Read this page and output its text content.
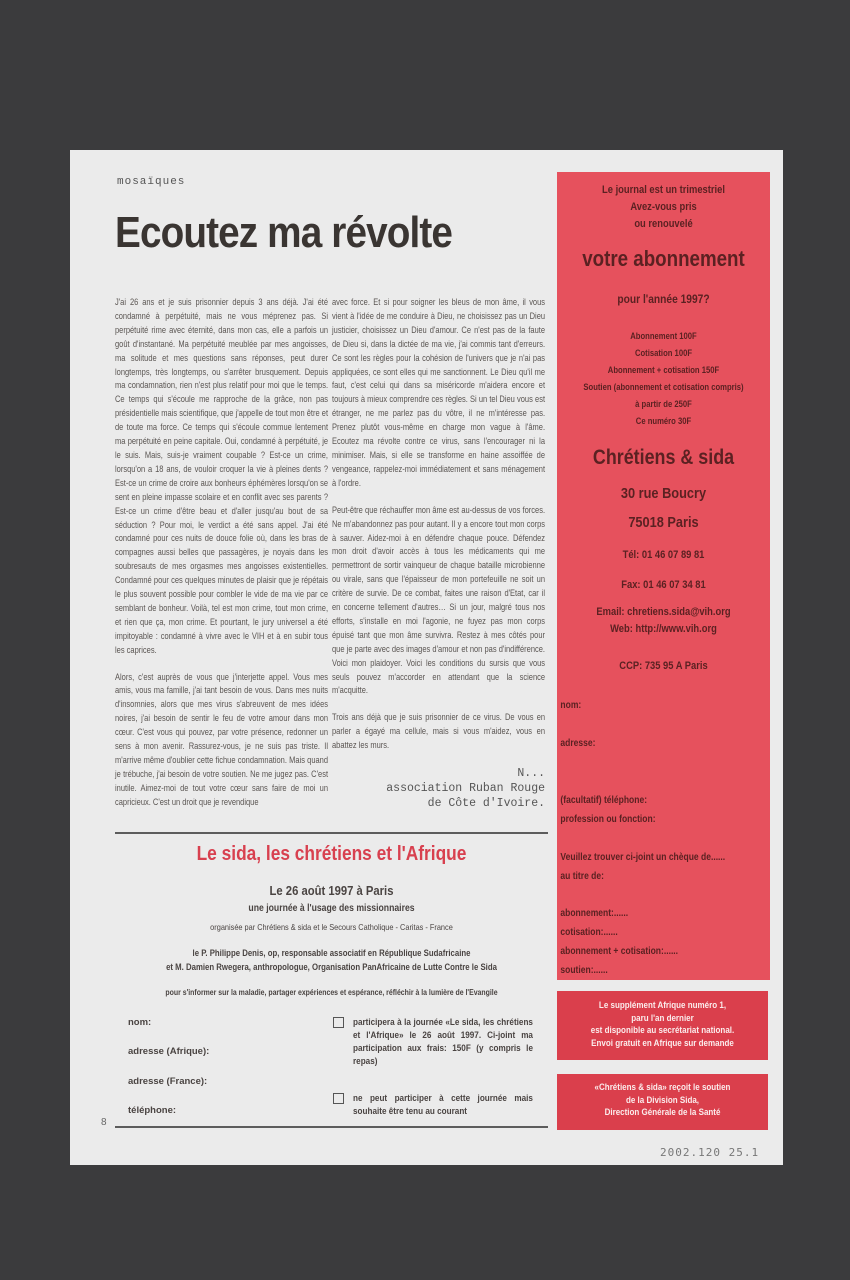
mosaïques
Ecoutez ma révolte

J'ai 26 ans et je suis prisonnier depuis 3 ans déjà. J'ai été condamné à perpétuité, mais ne vous méprenez pas. Si perpétuité rime avec éternité, dans mon cas, elle a parfois un goût d'instantané. Ma perpétuité meublée par mes angoisses, ma solitude et mes questions sans réponses, peut durer longtemps, très longtemps, ou s'arrêter brusquement. Depuis ma condamnation, rien n'est plus relatif pour moi que le temps. Ce temps qui s'écoule me rapproche de la grâce, non pas présidentielle mais scientifique, que j'appelle de tout mon être et de toute ma force. Ce temps qui s'écoule commue lentement ma perpétuité en peine capitale. Oui, condamné à perpétuité, je le suis. Mais, suis-je vraiment coupable ? Est-ce un crime, lorsqu'on a 18 ans, de vouloir croquer la vie à pleines dents ? Est-ce un crime de croire aux bonheurs éphémères lorsqu'on se sent en pleine impasse scolaire et en conflit avec ses parents ? Est-ce un crime d'être beau et d'aller jusqu'au bout de sa séduction ? Pour moi, le verdict a été sans appel. J'ai été condamné pour ces nuits de douce folie où, dans les bras de compagnes aussi belles que passagères, je noyais dans les soubresauts de mes orgasmes mes angoisses existentielles. Condamné pour ces quelques minutes de plaisir que je répétais le plus souvent possible pour combler le vide de ma vie par ce semblant de bonheur. Voilà, tel est mon crime, tout mon crime, et rien que ça, mon crime. Et pourtant, le jury universel a été impitoyable : condamné à vivre avec le VIH et à en subir tous les caprices.

Alors, c'est auprès de vous que j'interjette appel. Vous mes amis, vous ma famille, j'ai tant besoin de vous. Dans mes nuits d'insomnies, alors que mes virus s'abreuvent de mes idées noires, j'ai besoin de sentir le feu de votre amour dans mon cœur. C'est vous qui pouvez, par votre présence, redonner un sens à mon avenir. Rassurez-vous, je ne suis pas triste. Il m'arrive même d'oublier cette fichue condamnation. Mais quand je trébuche, j'ai besoin de votre soutien. Ne me jugez pas. C'est inutile. Aimez-moi de tout votre cœur sans faire de moi un capricieux. C'est un droit que je revendique

avec force. Et si pour soigner les bleus de mon âme, il vous vient à l'idée de me conduire à Dieu, ne choisissez pas un Dieu justicier, choisissez un Dieu d'amour. Ce n'est pas de la faute de Dieu si, dans la dictée de ma vie, j'ai commis tant d'erreurs. Ce sont les règles pour la cohésion de l'univers que je n'ai pas appliquées, ce sont elles qui me sanctionnent. Le Dieu qu'il me faut, c'est celui qui dans sa miséricorde m'aidera encore et toujours à mieux comprendre ces règles. Si un tel Dieu vous est étranger, ne me parlez pas du vôtre, il ne m'intéresse pas. Prenez plutôt vous-même en charge mon vague à l'âme. Ecoutez ma révolte contre ce virus, sans l'encourager ni la minimiser. Mais, si elle se transforme en haine assoiffée de vengeance, rappelez-moi immédiatement et sans ménagement à l'ordre.

Peut-être que réchauffer mon âme est au-dessus de vos forces. Ne m'abandonnez pas pour autant. Il y a encore tout mon corps à sauver. Aidez-moi à en défendre chaque pouce. Défendez mon droit d'avoir accès à tous les médicaments qui me permettront de sortir vainqueur de chaque bataille microbienne ou virale, sans que l'épaisseur de mon portefeuille ne soit un critère de survie. De ce combat, faites une raison d'Etat, car il en concerne tellement d'autres… Si un jour, malgré tous nos efforts, s'installe en moi l'agonie, ne fuyez pas mon corps épuisé tant que mon âme survivra. Restez à mes côtés pour que je parte avec des images d'amour et non pas d'indifférence. Voici mon plaidoyer. Voici les conditions du sursis que vous seuls pouvez m'accorder en attendant que la science m'acquitte.

Trois ans déjà que je suis prisonnier de ce virus. De vous en parler a égayé ma cellule, mais si vous m'aidez, vous en abattez les murs.

N...
association Ruban Rouge
de Côte d'Ivoire.
Le sida, les chrétiens et l'Afrique
Le 26 août 1997 à Paris
une journée à l'usage des missionnaires
organisée par Chrétiens & sida et le Secours Catholique - Caritas - France
le P. Philippe Denis, op, responsable associatif en République Sudafricaine
et M. Damien Rwegera, anthropologue, Organisation PanAfricaine de Lutte Contre le Sida
pour s'informer sur la maladie, partager expériences et espérance, réfléchir à la lumière de l'Evangile
nom:
adresse (Afrique):
adresse (France):
téléphone:
participera à la journée «Le sida, les chrétiens et l'Afrique» le 26 août 1997. Ci-joint ma participation aux frais: 150F (y compris le repas)
ne peut participer à cette journée mais souhaite être tenu au courant
Le journal est un trimestriel
Avez-vous pris
ou renouvelé
votre abonnement
pour l'année 1997?
Abonnement 100F
Cotisation 100F
Abonnement + cotisation 150F
Soutien (abonnement et cotisation compris)
à partir de 250F
Ce numéro 30F
Chrétiens & sida
30 rue Boucry
75018 Paris
Tél: 01 46 07 89 81
Fax: 01 46 07 34 81
Email: chretiens.sida@vih.org
Web: http://www.vih.org
CCP: 735 95 A Paris
nom:
adresse:
(facultatif) téléphone:
profession ou fonction:
Veuillez trouver ci-joint un chèque de......
au titre de:
abonnement:......
cotisation:......
abonnement + cotisation:......
soutien:......
Le supplément Afrique numéro 1,
paru l'an dernier
est disponible au secrétariat national.
Envoi gratuit en Afrique sur demande
«Chrétiens & sida» reçoit le soutien
de la Division Sida,
Direction Générale de la Santé
8
2002.120 25.1
